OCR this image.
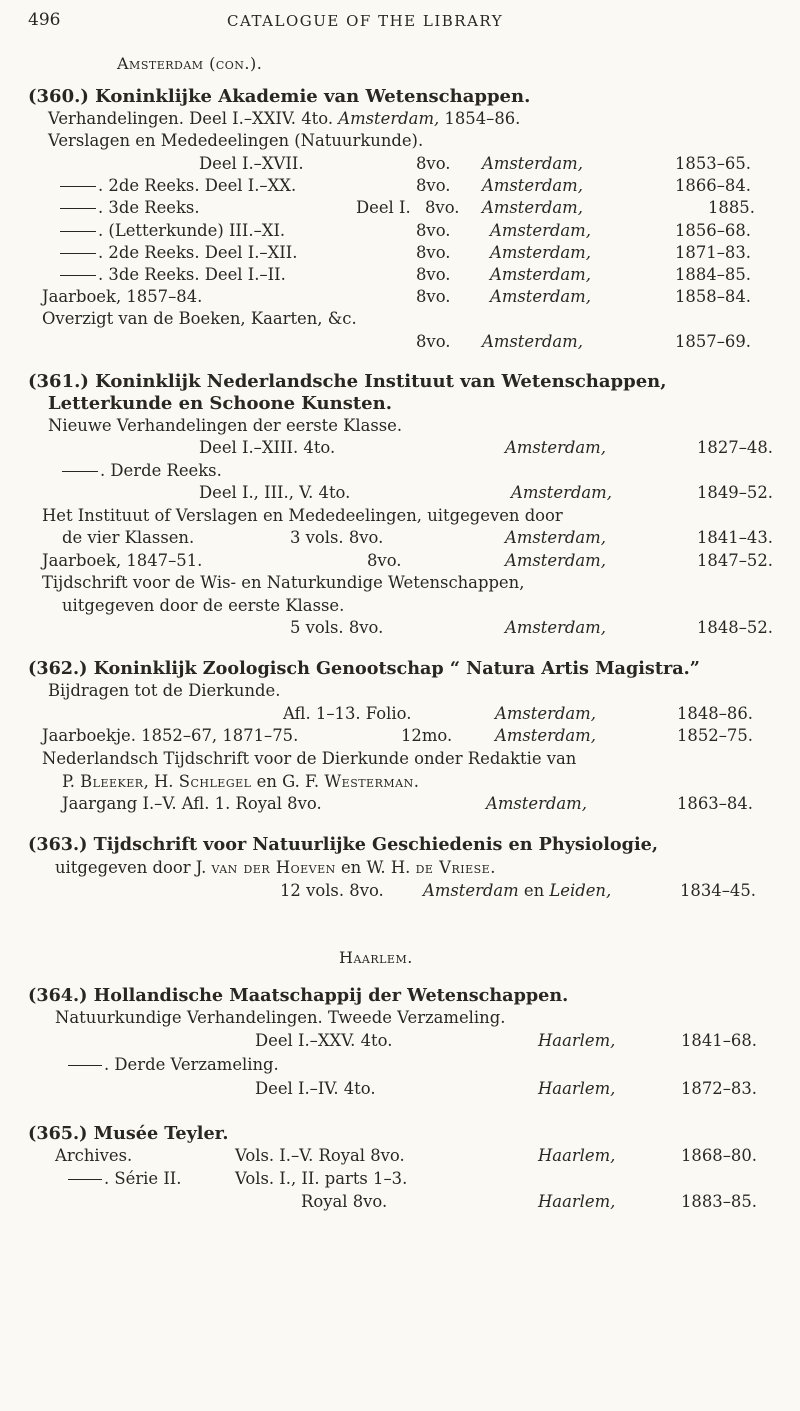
496	CATALOGUE OF THE LIBRARY
Amsterdam (con.).
(360.) Koninklijke Akademie van Wetenschappen.
Verhandelingen. Deel I.–XXIV. 4to. Amsterdam, 1854–86.
Verslagen en Mededeelingen (Natuurkunde).
Deel I.–XVII.	8vo. Amsterdam,	1853–65.
. 2de Reeks. Deel I.–XX.	8vo. Amsterdam,	1866–84.
. 3de Reeks.	Deel I. 8vo. Amsterdam,	1885.
. (Letterkunde) III.–XI.	8vo. Amsterdam,	1856–68.
. 2de Reeks. Deel I.–XII.	8vo. Amsterdam,	1871–83.
. 3de Reeks. Deel I.–II.	8vo. Amsterdam,	1884–85.
Jaarboek, 1857–84.	8vo. Amsterdam,	1858–84.
Overzigt van de Boeken, Kaarten, &c.
8vo. Amsterdam,	1857–69.
(361.) Koninklijk Nederlandsche Instituut van Wetenschappen,
Letterkunde en Schoone Kunsten.
Nieuwe Verhandelingen der eerste Klasse.
Deel I.–XIII. 4to.	Amsterdam,	1827–48.
. Derde Reeks.
Deel I., III., V. 4to.	Amsterdam,	1849–52.
Het Instituut of Verslagen en Mededeelingen, uitgegeven door
de vier Klassen.	3 vols. 8vo.	Amsterdam,	1841–43.
Jaarboek, 1847–51.	8vo.	Amsterdam,	1847–52.
Tijdschrift voor de Wis- en Naturkundige Wetenschappen,
uitgegeven door de eerste Klasse.
5 vols. 8vo.	Amsterdam,	1848–52.
(362.) Koninklijk Zoologisch Genootschap “ Natura Artis Magistra.”
Bijdragen tot de Dierkunde.
Afl. 1–13. Folio.	Amsterdam,	1848–86.
Jaarboekje. 1852–67, 1871–75.	12mo.	Amsterdam,	1852–75.
Nederlandsch Tijdschrift voor de Dierkunde onder Redaktie van
P. Bleeker, H. Schlegel en G. F. Westerman.
Jaargang I.–V. Afl. 1. Royal 8vo.	Amsterdam,	1863–84.
(363.) Tijdschrift voor Natuurlijke Geschiedenis en Physiologie,
uitgegeven door J. van der Hoeven en W. H. de Vriese.
12 vols. 8vo. Amsterdam en Leiden,	1834–45.
Haarlem.
(364.) Hollandische Maatschappij der Wetenschappen.
Natuurkundige Verhandelingen. Tweede Verzameling.
Deel I.–XXV. 4to.	Haarlem,	1841–68.
. Derde Verzameling.
Deel I.–IV. 4to.	Haarlem,	1872–83.
(365.) Musée Teyler.
Archives.	Vols. I.–V. Royal 8vo.	Haarlem,	1868–80.
. Série II.	Vols. I., II. parts 1–3.
Royal 8vo.	Haarlem,	1883–85.
